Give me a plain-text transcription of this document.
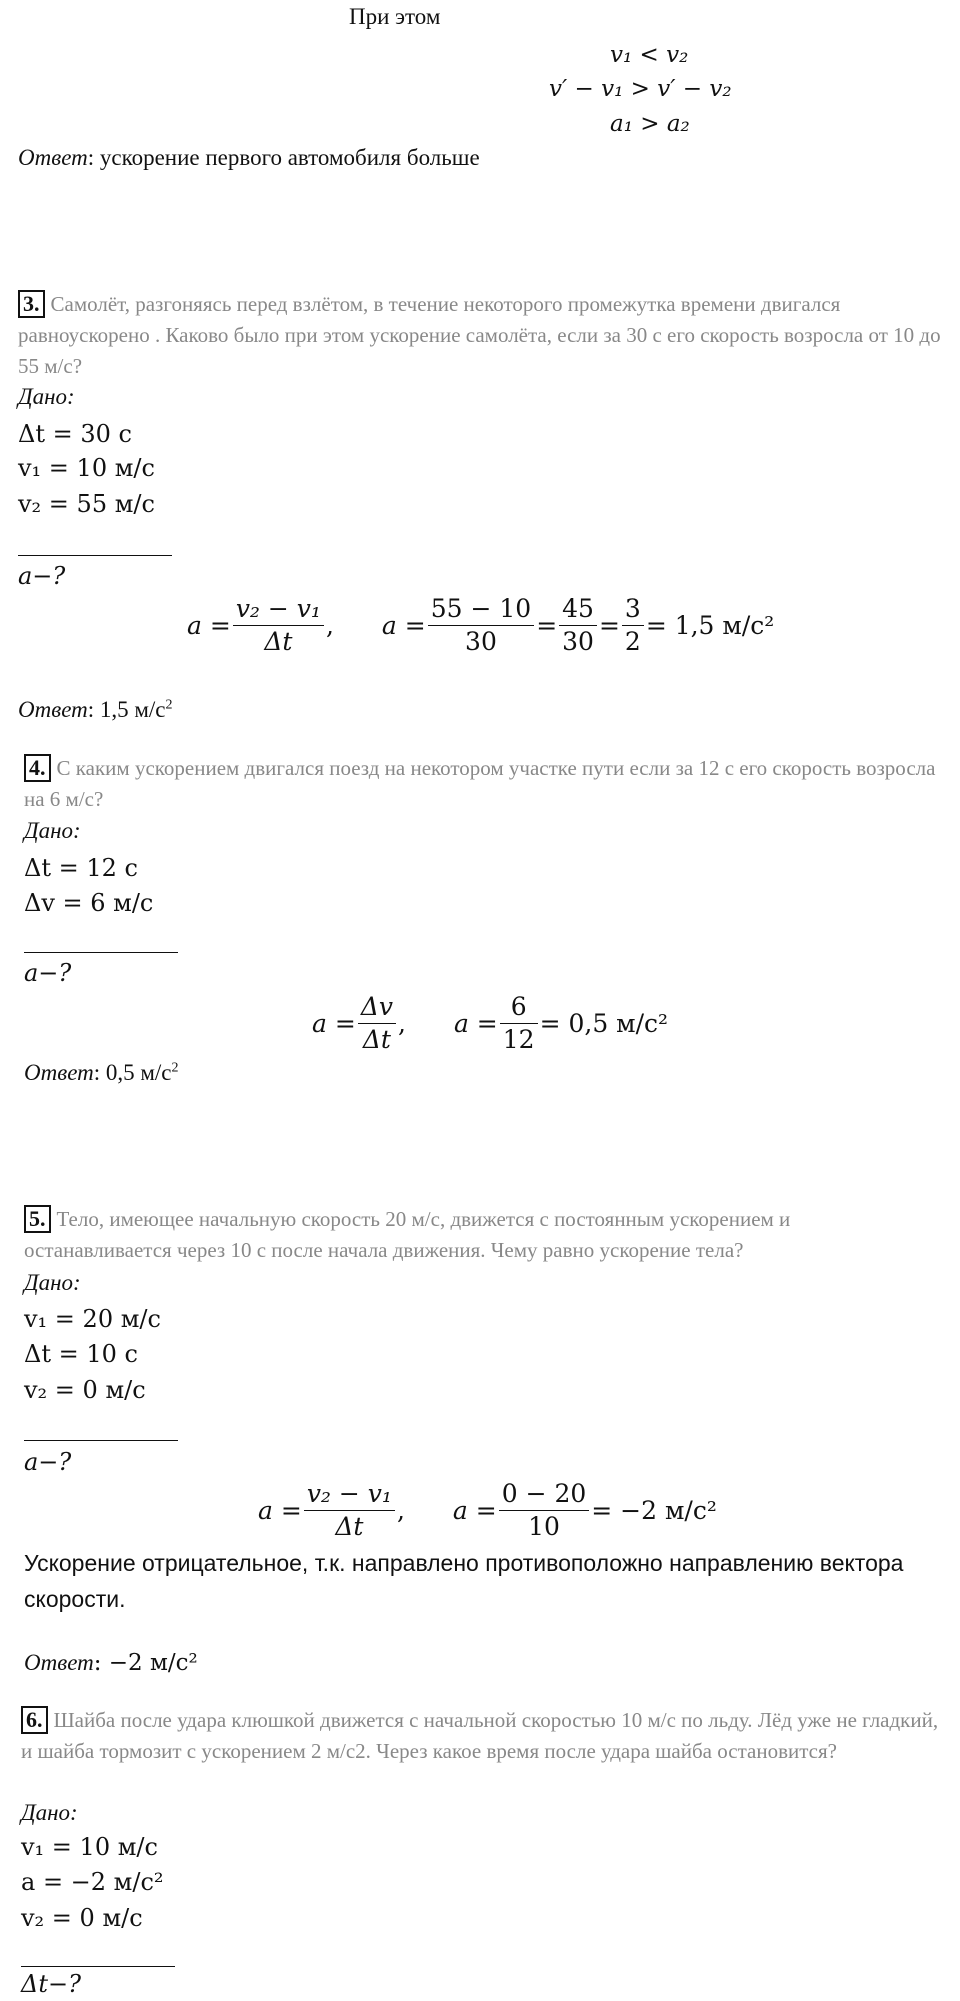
При этом
v₁ < v₂
v′ − v₁ > v′ − v₂
a₁ > a₂
Ответ: ускорение первого автомобиля больше
3. Самолёт, разгоняясь перед взлётом, в течение некоторого промежутка времени двигался равноускорено . Каково было при этом ускорение самолёта, если за 30 с его скорость возросла от 10 до 55 м/с?
Дано:
Δt = 30 с
v₁ = 10 м/с
v₂ = 55 м/с
a−?
$a = \frac{\text{v₂ − v₁}}{\Delta t}$ , $a = \frac{55 - 10}{30} = \frac{45}{30} = \frac{3}{2} = 1,5$ м/с²
Ответ: 1,5 $м/с^2$
4. С каким ускорением двигался поезд на некотором участке пути если за 12 с его скорость возросла на 6 м/с?
Дано:
Δt = 12 с
Δv = 6 м/с
a−?
$a = \frac{\Delta v}{\Delta t}$ , $a = \frac{6}{12} = 0,5$ м/с²
Ответ: 0,5 $м/с^2$
5. Тело, имеющее начальную скорость 20 м/с, движется с постоянным ускорением и останавливается через 10 с после начала движения. Чему равно ускорение тела?
Дано:
v₁ = 20 м/с
Δt = 10 с
v₂ = 0 м/с
a−?
$a = \frac{\text{v₂ − v₁}}{\Delta t}$ , $a = \frac{0 - 20}{10} = -2$ м/с²
Ускорение отрицательное, т.к. направлено противоположно направлению вектора скорости.
Ответ: −2 м/с²
6. Шайба после удара клюшкой движется с начальной скоростью 10 м/с по льду. Лёд уже не гладкий, и шайба тормозит с ускорением 2 м/с2. Через какое время после удара шайба остановится?
Дано:
v₁ = 10 м/с
a = −2 м/с²
v₂ = 0 м/с
Δt−?
